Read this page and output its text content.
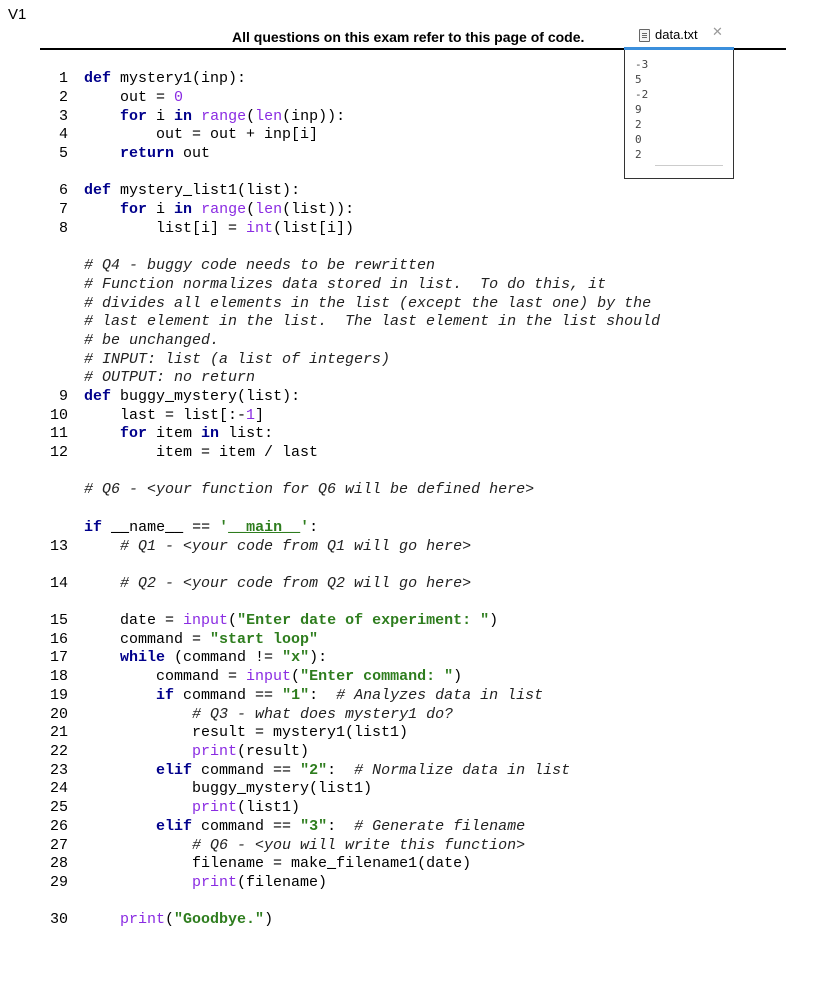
V1
All questions on this exam refer to this page of code.	data.txt ✕
-3
5
-2
9
2
0
2
1 def mystery1(inp):
2 out = 0
3	for i in range(len(inp)):
4 out = out + inp[i]
5	return out
6 def mystery_list1(list):
7	for i in range(len(list)):
8 list[i] = int(list[i])
# Q4 - buggy code needs to be rewritten
# Function normalizes data stored in list.  To do this, it
# divides all elements in the list (except the last one) by the
# last element in the list.  The last element in the list should
# be unchanged.
# INPUT: list (a list of integers)
# OUTPUT: no return
9 def buggy_mystery(list):
10 last = list[:-1]
11	for item in list:
12 item = item / last
# Q6 - <your function for Q6 will be defined here>
if __name__ == '__main__':
13	# Q1 - <your code from Q1 will go here>
14	# Q2 - <your code from Q2 will go here>
15 date = input("Enter date of experiment: ")
16 command = "start loop"
17	while (command != "x"):
18 command = input("Enter command: ")
19	if command == "1":  # Analyzes data in list
20	# Q3 - what does mystery1 do?
21 result = mystery1(list1)
22	print(result)
23	elif command == "2":  # Normalize data in list
24 buggy_mystery(list1)
25	print(list1)
26	elif command == "3":  # Generate filename
27	# Q6 - <you will write this function>
28 filename = make_filename1(date)
29	print(filename)
30	print("Goodbye.")
